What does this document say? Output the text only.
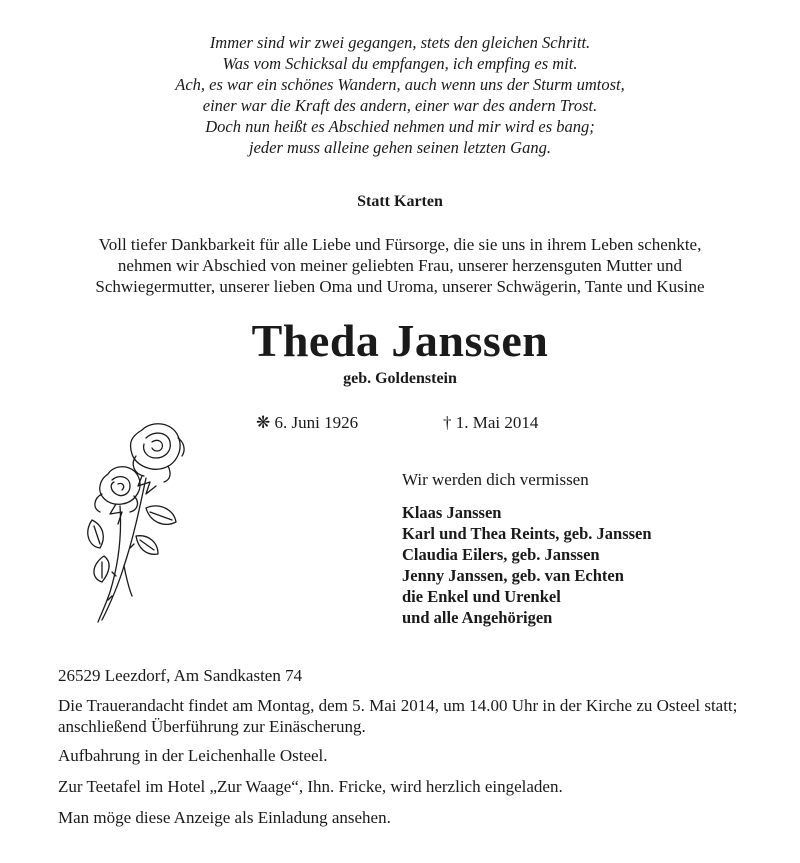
Immer sind wir zwei gegangen, stets den gleichen Schritt.
Was vom Schicksal du empfangen, ich empfing es mit.
Ach, es war ein schönes Wandern, auch wenn uns der Sturm umtost,
einer war die Kraft des andern, einer war des andern Trost.
Doch nun heißt es Abschied nehmen und mir wird es bang;
jeder muss alleine gehen seinen letzten Gang.
Statt Karten
Voll tiefer Dankbarkeit für alle Liebe und Fürsorge, die sie uns in ihrem Leben schenkte,
nehmen wir Abschied von meiner geliebten Frau, unserer herzensguten Mutter und
Schwiegermutter, unserer lieben Oma und Uroma, unserer Schwägerin, Tante und Kusine
Theda Janssen
geb. Goldenstein
❋ 6. Juni 1926	† 1. Mai 2014
Wir werden dich vermissen
Klaas Janssen
Karl und Thea Reints, geb. Janssen
Claudia Eilers, geb. Janssen
Jenny Janssen, geb. van Echten
die Enkel und Urenkel
und alle Angehörigen

26529 Leezdorf, Am Sandkasten 74

Die Trauerandacht findet am Montag, dem 5. Mai 2014, um 14.00 Uhr in der Kirche zu Osteel statt; anschließend Überführung zur Einäscherung.

Aufbahrung in der Leichenhalle Osteel.

Zur Teetafel im Hotel „Zur Waage“, Ihn. Fricke, wird herzlich eingeladen.

Man möge diese Anzeige als Einladung ansehen.
